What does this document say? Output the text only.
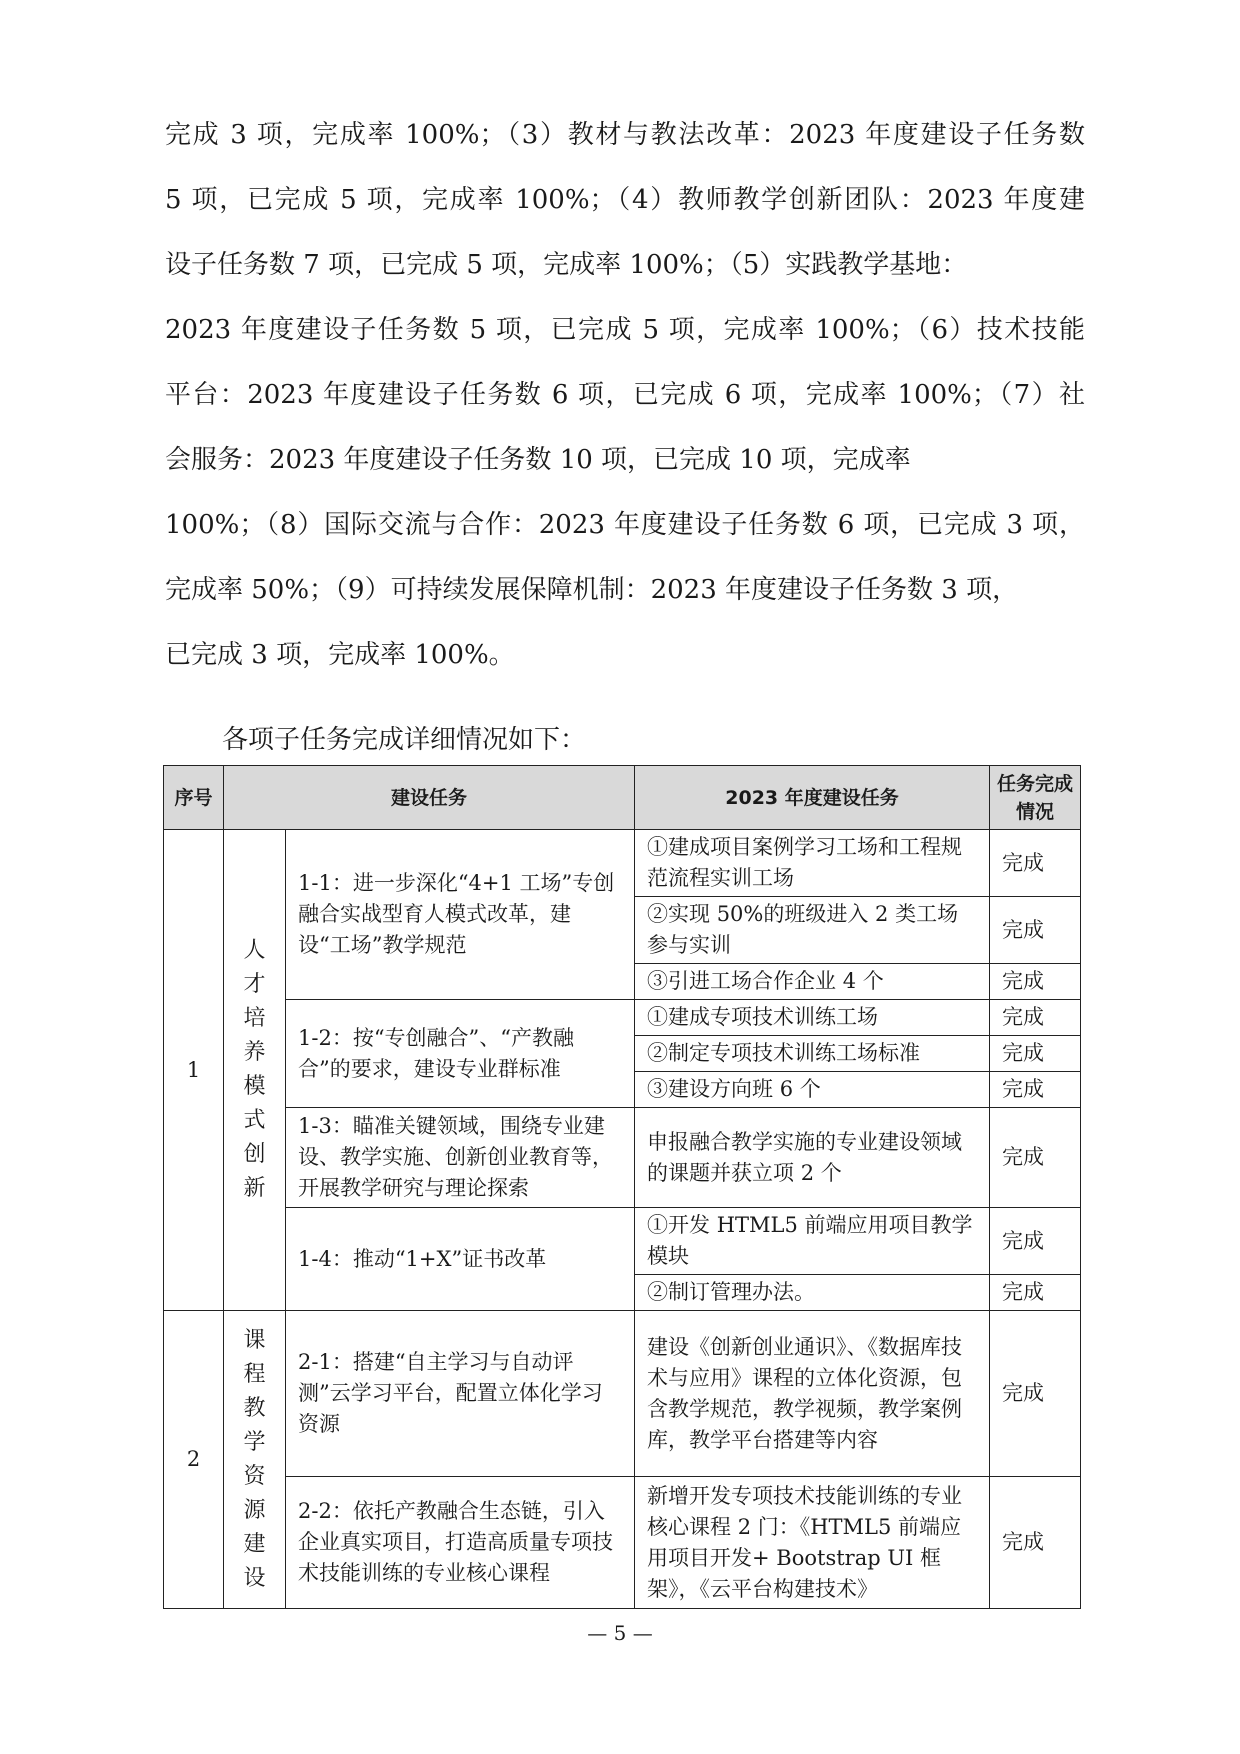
完成 3 项，完成率 100%；（3）教材与教法改革：2023 年度建设子任务数
5 项，已完成 5 项，完成率 100%；（4）教师教学创新团队：2023 年度建
设子任务数 7 项，已完成 5 项，完成率 100%；（5）实践教学基地：
2023 年度建设子任务数 5 项，已完成 5 项，完成率 100%；（6）技术技能
平台：2023 年度建设子任务数 6 项，已完成 6 项，完成率 100%；（7）社
会服务：2023 年度建设子任务数 10 项，已完成 10 项，完成率
100%；（8）国际交流与合作：2023 年度建设子任务数 6 项，已完成 3 项，
完成率 50%；（9）可持续发展保障机制：2023 年度建设子任务数 3 项，
已完成 3 项，完成率 100%。
各项子任务完成详细情况如下：
序号	建设任务		2023 年度建设任务	任务完成情况
1	人才培养模式创新	1-1：进一步深化“4+1 工场”专创融合实战型育人模式改革，建设“工场”教学规范	①建成项目案例学习工场和工程规范流程实训工场	完成
			②实现 50%的班级进入 2 类工场参与实训	完成
			③引进工场合作企业 4 个	完成
		1-2：按“专创融合”、“产教融合”的要求，建设专业群标准	①建成专项技术训练工场	完成
			②制定专项技术训练工场标准	完成
			③建设方向班 6 个	完成
		1-3：瞄准关键领域，围绕专业建设、教学实施、创新创业教育等，开展教学研究与理论探索	申报融合教学实施的专业建设领域的课题并获立项 2 个	完成
		1-4：推动“1+X”证书改革	①开发 HTML5 前端应用项目教学模块	完成
			②制订管理办法。	完成

2	课程教学资源建设	2-1：搭建“自主学习与自动评测”云学习平台，配置立体化学习资源	建设《创新创业通识》、《数据库技术与应用》课程的立体化资源，包含教学规范，教学视频，教学案例库，教学平台搭建等内容	完成
		2-2：依托产教融合生态链，引入企业真实项目，打造高质量专项技术技能训练的专业核心课程	新增开发专项技术技能训练的专业核心课程 2 门：《HTML5 前端应用项目开发+ Bootstrap UI 框架》，《云平台构建技术》	完成
— 5 —
